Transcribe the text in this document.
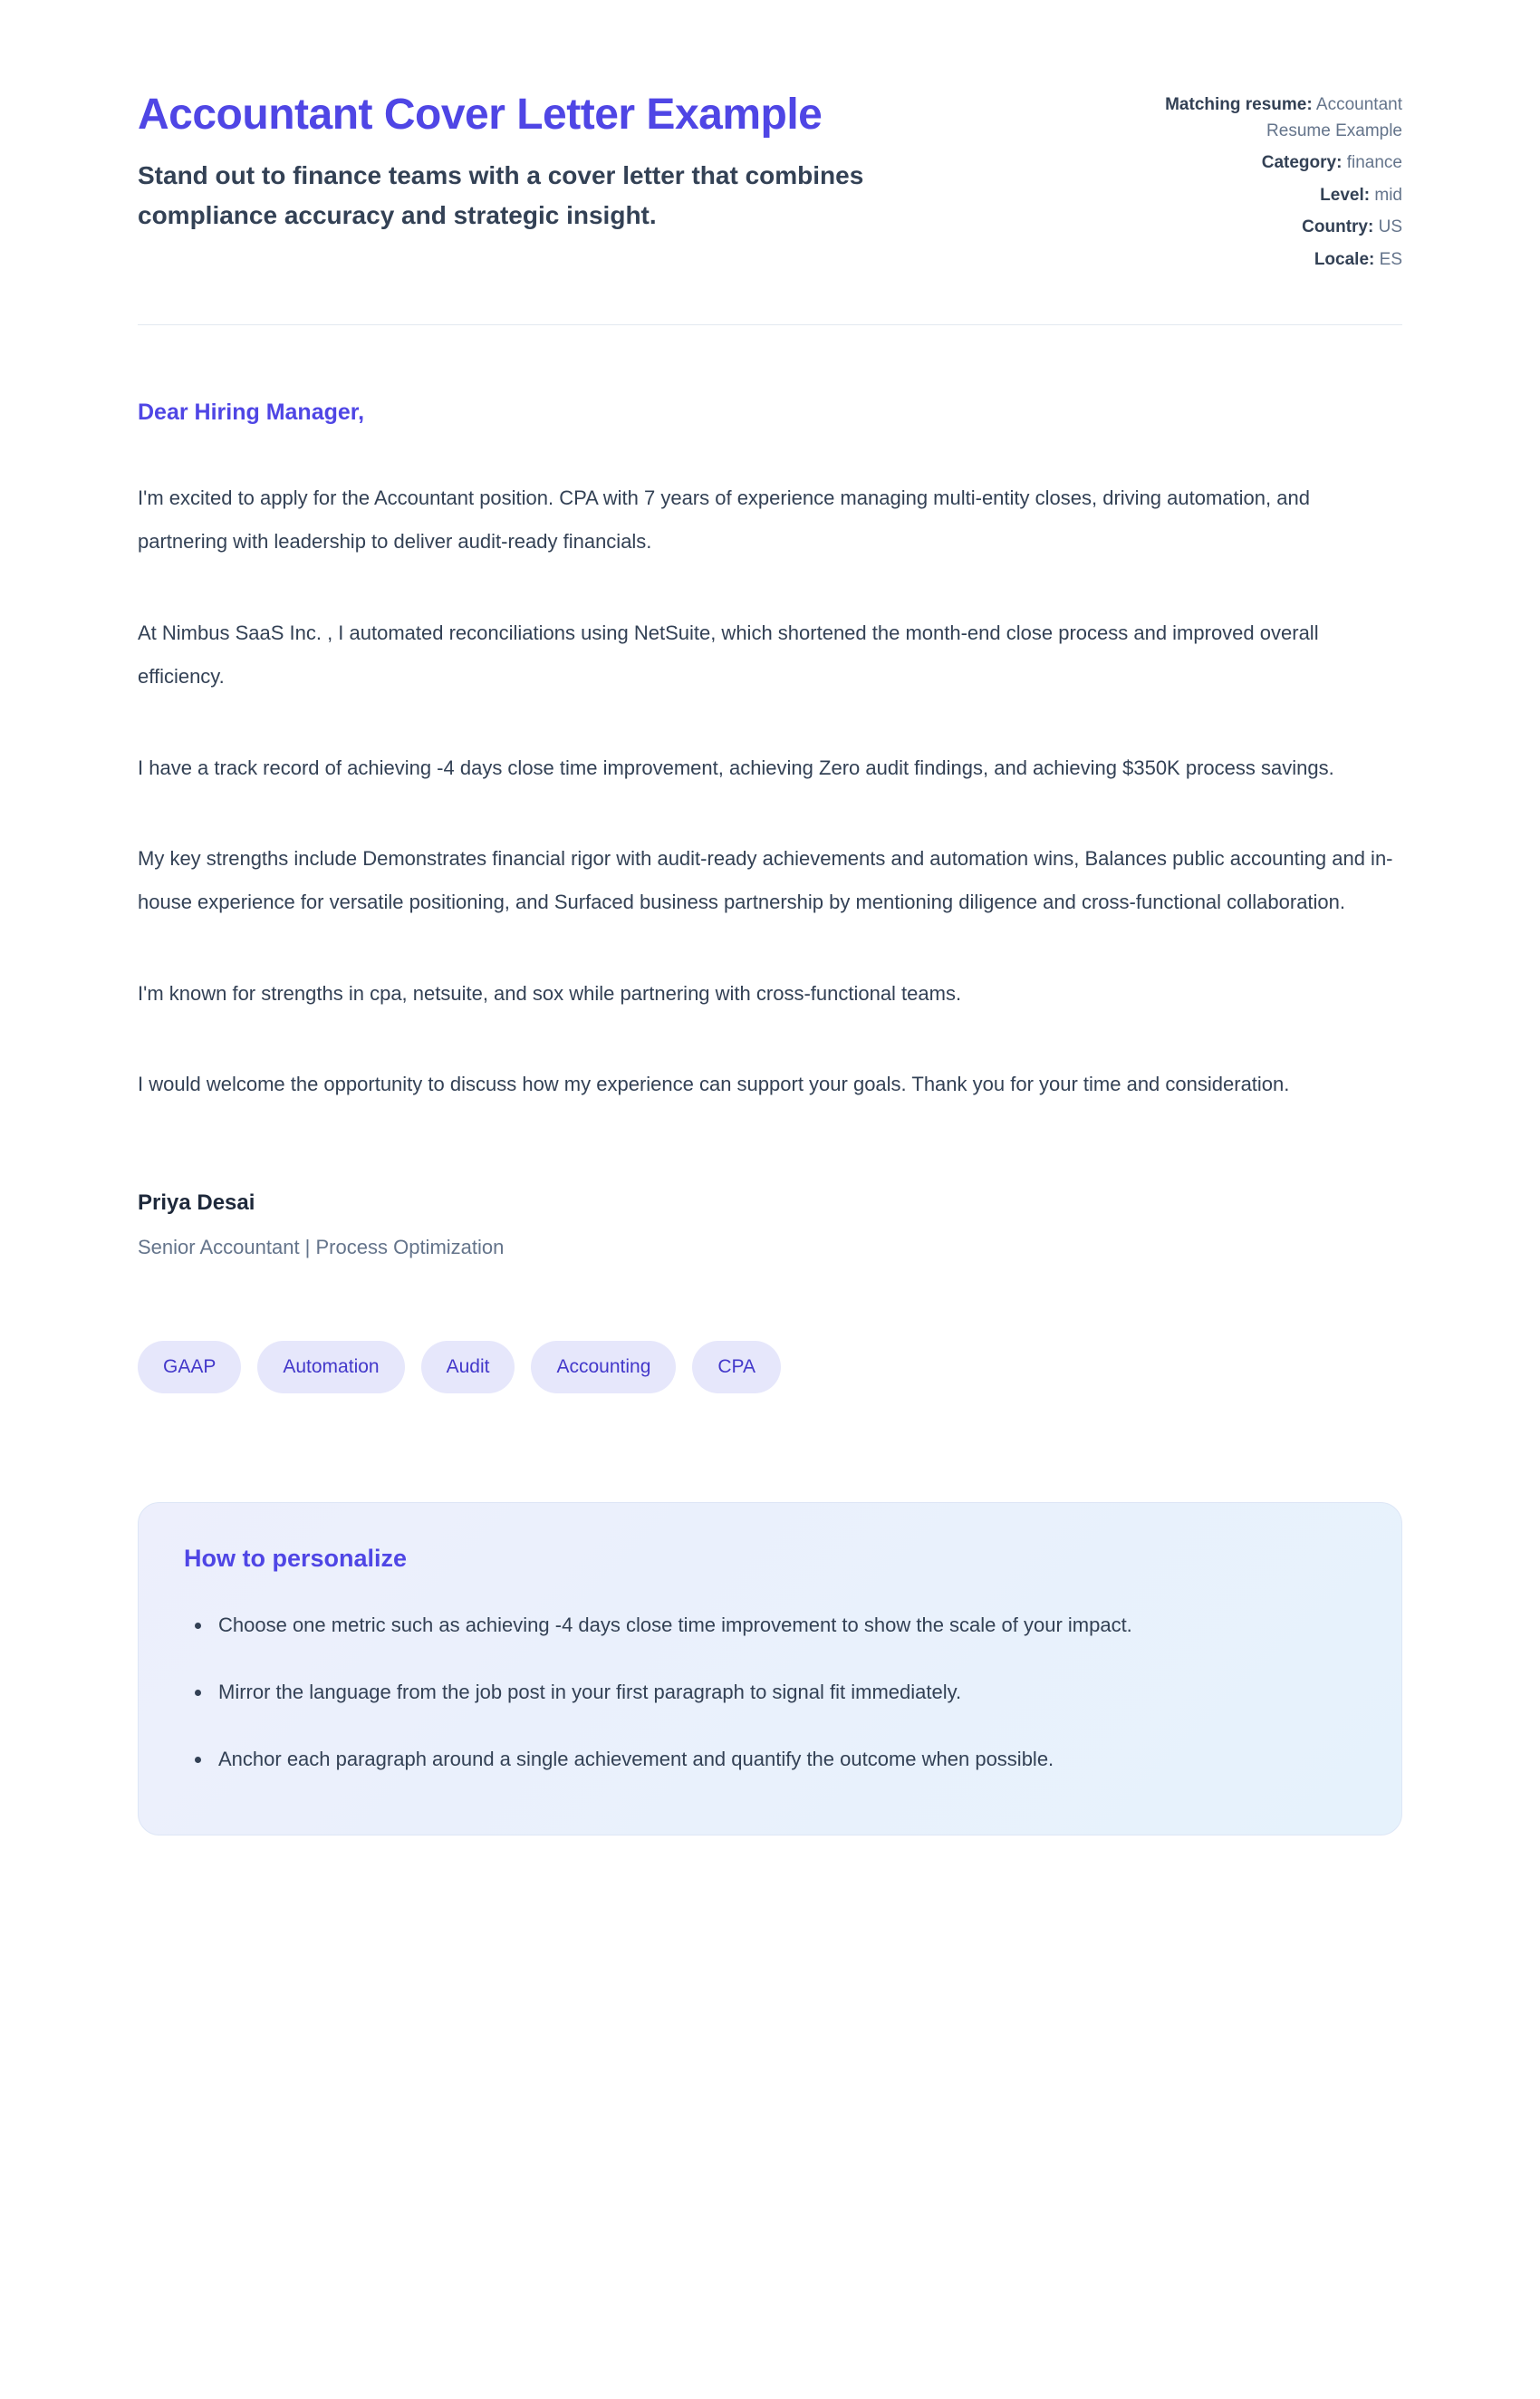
Accountant Cover Letter Example

Stand out to finance teams with a cover letter that combines compliance accuracy and strategic insight.

Matching resume: Accountant Resume Example
Category: finance
Level: mid
Country: US
Locale: ES

Dear Hiring Manager,

I'm excited to apply for the Accountant position. CPA with 7 years of experience managing multi-entity closes, driving automation, and partnering with leadership to deliver audit-ready financials.

At Nimbus SaaS Inc. , I automated reconciliations using NetSuite, which shortened the month-end close process and improved overall efficiency.

I have a track record of achieving -4 days close time improvement, achieving Zero audit findings, and achieving $350K process savings.

My key strengths include Demonstrates financial rigor with audit-ready achievements and automation wins, Balances public accounting and in-house experience for versatile positioning, and Surfaced business partnership by mentioning diligence and cross-functional collaboration.

I'm known for strengths in cpa, netsuite, and sox while partnering with cross-functional teams.

I would welcome the opportunity to discuss how my experience can support your goals. Thank you for your time and consideration.

Priya Desai

Senior Accountant | Process Optimization

GAAP	Automation	Audit	Accounting	CPA
How to personalize
• Choose one metric such as achieving -4 days close time improvement to show the scale of your impact.
• Mirror the language from the job post in your first paragraph to signal fit immediately.
• Anchor each paragraph around a single achievement and quantify the outcome when possible.
